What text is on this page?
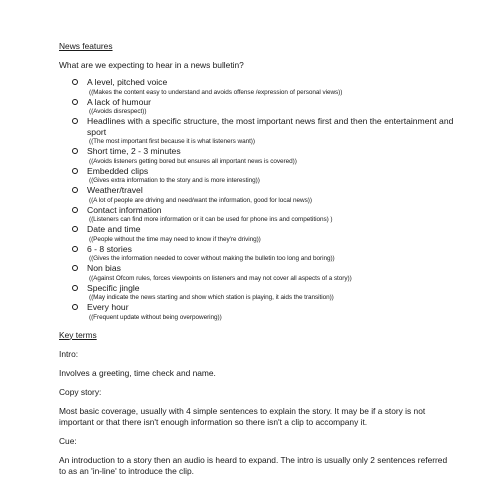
News features

What are we expecting to hear in a news bulletin?

A level, pitched voice
((Makes the content easy to understand and avoids offense /expression of personal views))
A lack of humour
((Avoids disrespect))
Headlines with a specific structure, the most important news first and then the entertainment and sport
((The most important first because it is what listeners want))
Short time, 2 - 3 minutes
((Avoids listeners getting bored but ensures all important news is covered))
Embedded clips
((Gives extra information to the story and is more interesting))
Weather/travel
((A lot of people are driving and need/want the information, good for local news))
Contact information
((Listeners can find more information or it can be used for phone ins and competitions) )
Date and time
((People without the time may need to know if they're driving))
6 - 8 stories
((Gives the information needed to cover without making the bulletin too long and boring))
Non bias
((Against Ofcom rules, forces viewpoints on listeners and may not cover all aspects of a story))
Specific jingle
((May indicate the news starting and show which station is playing, it aids the transition))
Every hour
((Frequent update without being overpowering))

Key terms

Intro:

Involves a greeting, time check and name.

Copy story:

Most basic coverage, usually with 4 simple sentences to explain the story. It may be if a story is not important or that there isn't enough information so there isn't a clip to accompany it.

Cue:

An introduction to a story then an audio is heard to expand. The intro is usually only 2 sentences referred to as an 'in-line' to introduce the clip.
